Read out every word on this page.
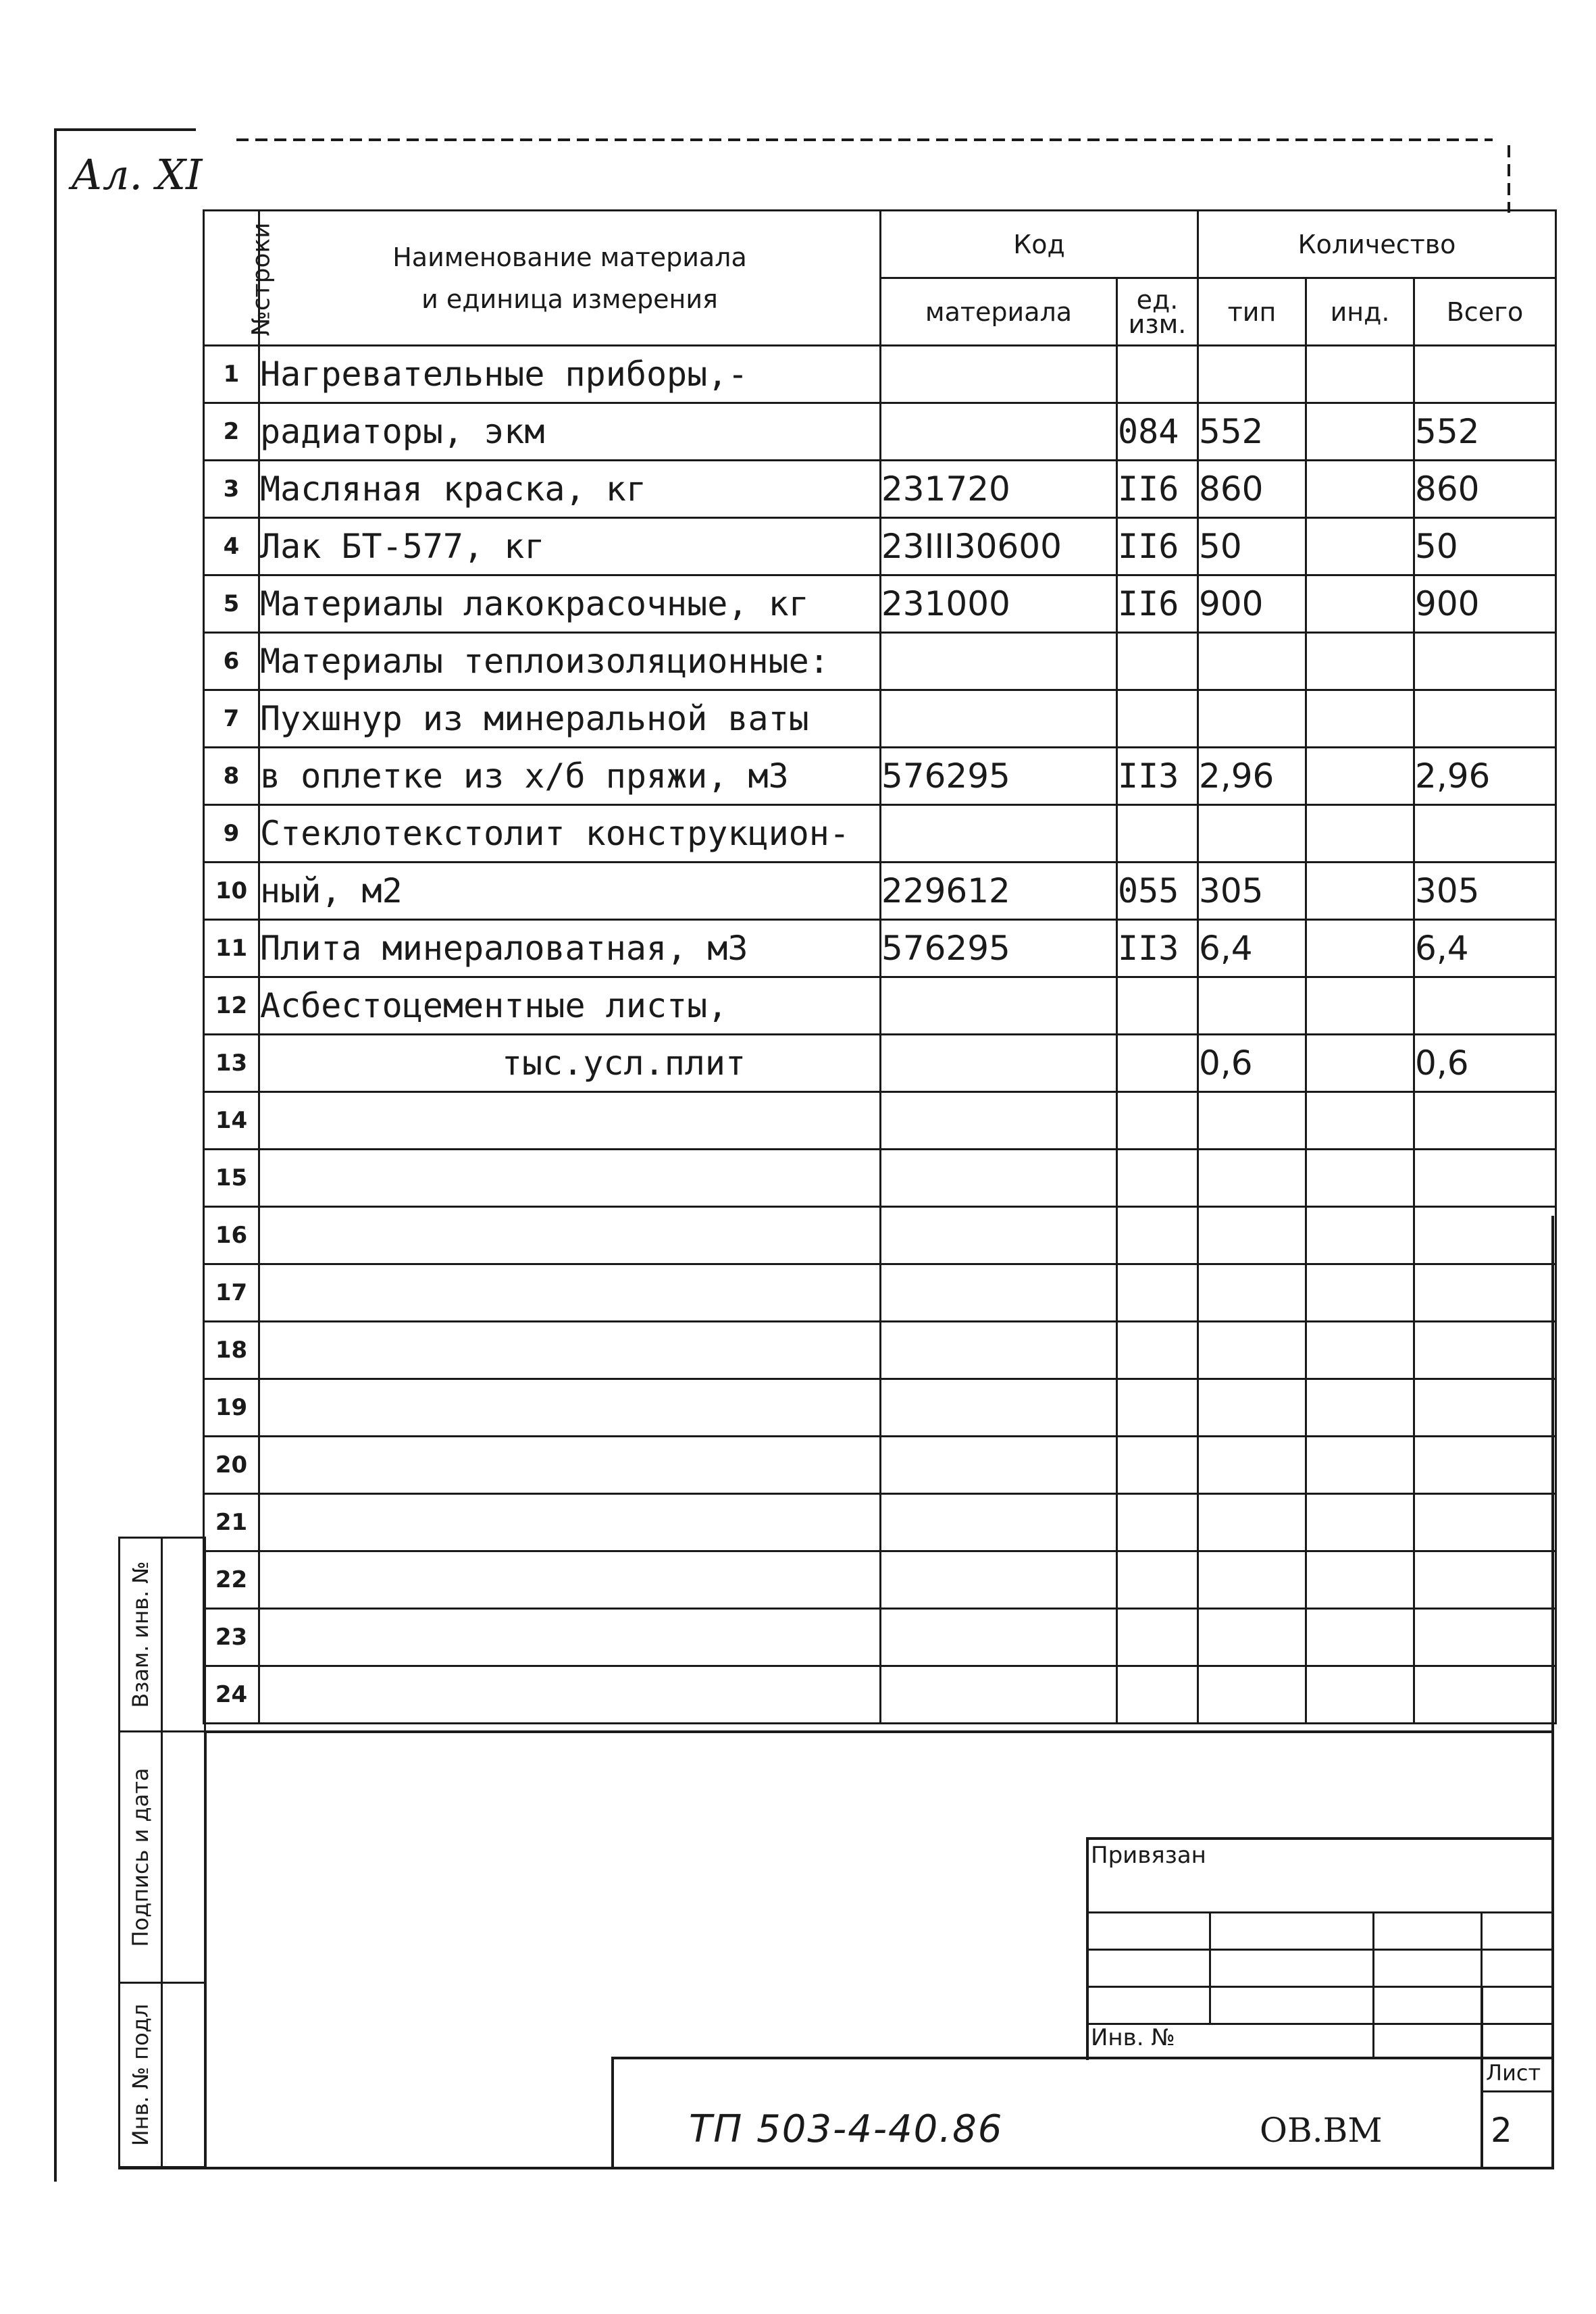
Ал. XI
№строки	Наименование материала
и единица измерения	Код		Количество		
		материала	ед. изм.	тип	инд.	Всего
1	Нагревательные приборы,-					
2	радиаторы, экм		084	552		552
3	Масляная краска, кг	231720	II6	860		860
4	Лак БТ-577, кг	23III30600	II6	50		50
5	Материалы лакокрасочные, кг	231000	II6	900		900
6	Материалы теплоизоляционные:					
7	Пухшнур из минеральной ваты					
8	в оплетке из х/б пряжи, м3	576295	II3	2,96		2,96
9	Стеклотекстолит конструкцион-					
10	ный, м2	229612	055	305		305
11	Плита минераловатная, м3	576295	II3	6,4		6,4
12	Асбестоцементные листы,					
13	тыс.усл.плит			0,6		0,6
14						
15						
16						
17						
18						
19						
20						
21						
22						
23						
24						
Взам. инв. №
Подпись и дата
Инв. № подл
Привязан
Инв. №
Лист
ТП 503-4-40.86	ОВ.ВМ	2
